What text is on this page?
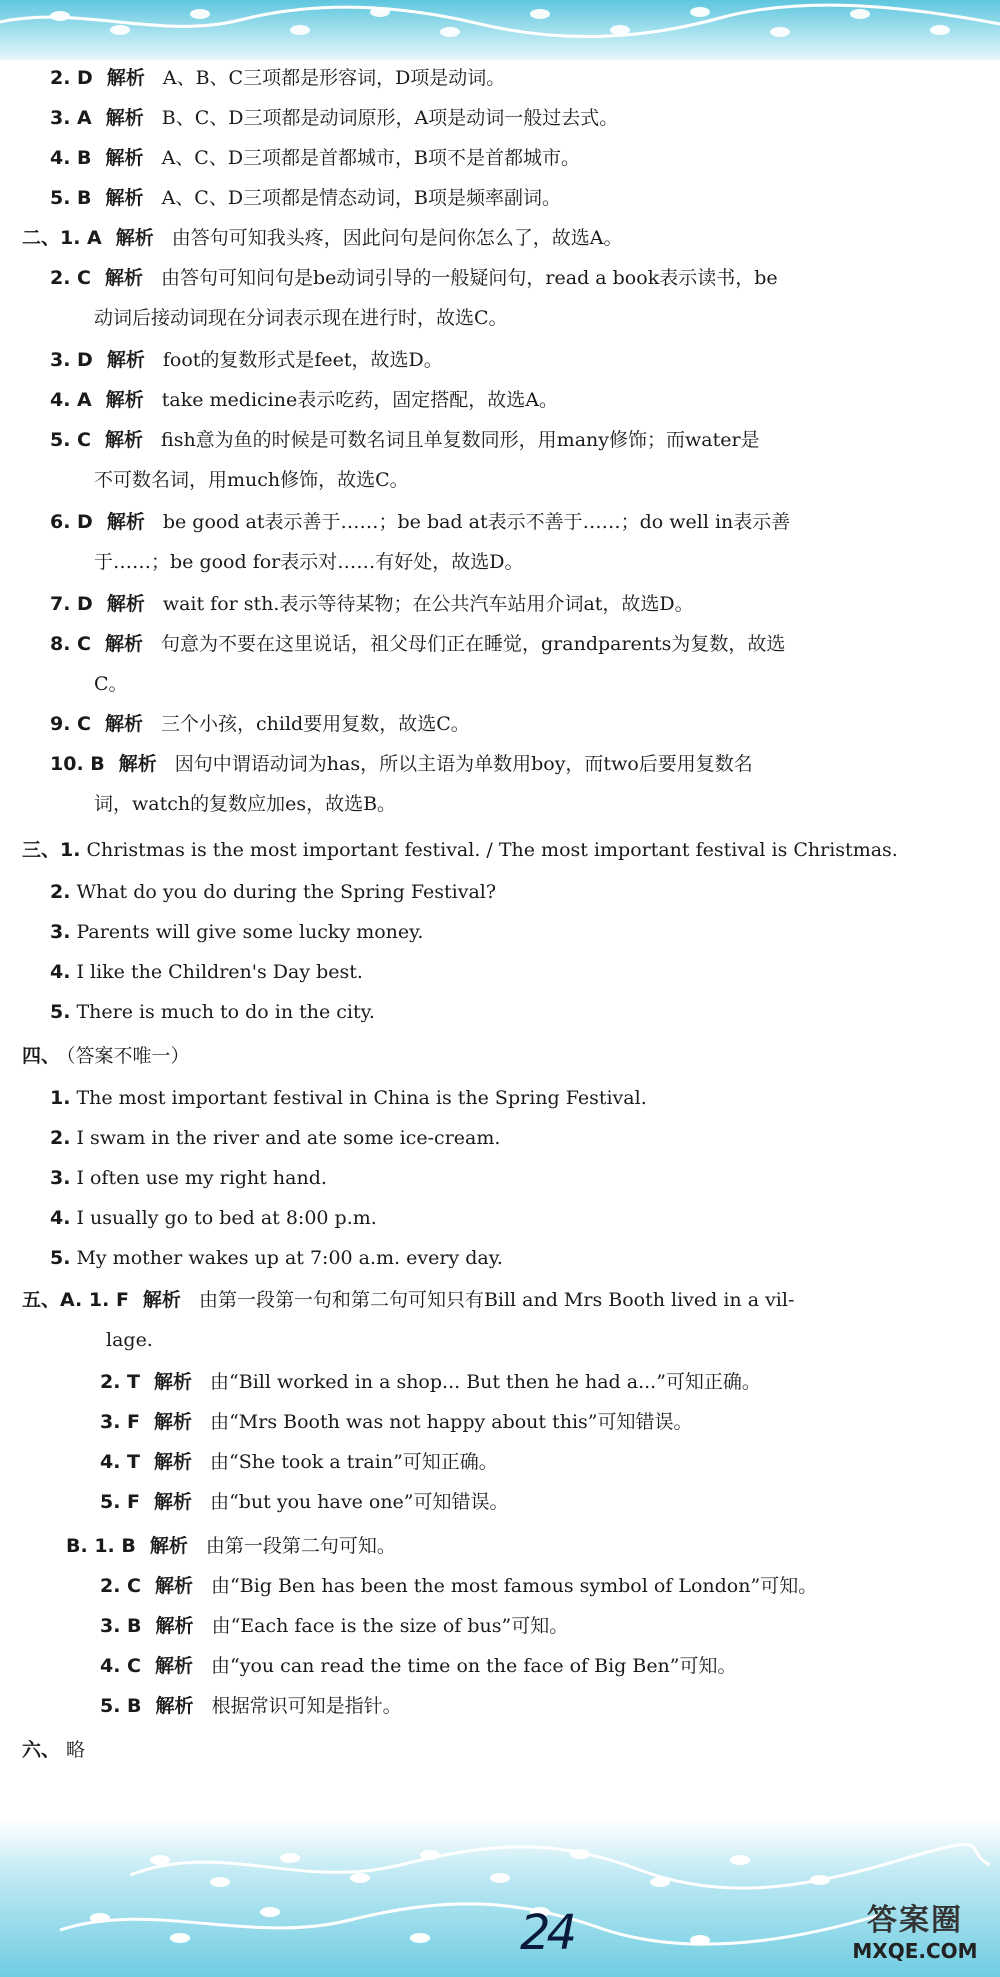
2. D 解析 A、B、C三项都是形容词，D项是动词。
3. A 解析 B、C、D三项都是动词原形，A项是动词一般过去式。
4. B 解析 A、C、D三项都是首都城市，B项不是首都城市。
5. B 解析 A、C、D三项都是情态动词，B项是频率副词。
二、1. A 解析 由答句可知我头疼，因此问句是问你怎么了，故选A。
2. C 解析 由答句可知问句是be动词引导的一般疑问句，read a book表示读书，be
动词后接动词现在分词表示现在进行时，故选C。
3. D 解析 foot的复数形式是feet，故选D。
4. A 解析 take medicine表示吃药，固定搭配，故选A。
5. C 解析 fish意为鱼的时候是可数名词且单复数同形，用many修饰；而water是
不可数名词，用much修饰，故选C。
6. D 解析 be good at表示善于……；be bad at表示不善于……；do well in表示善
于……；be good for表示对……有好处，故选D。
7. D 解析 wait for sth.表示等待某物；在公共汽车站用介词at，故选D。
8. C 解析 句意为不要在这里说话，祖父母们正在睡觉，grandparents为复数，故选
C。
9. C 解析 三个小孩，child要用复数，故选C。
10. B 解析 因句中谓语动词为has，所以主语为单数用boy，而two后要用复数名
词，watch的复数应加es，故选B。
三、1. Christmas is the most important festival. / The most important festival is Christmas.
2. What do you do during the Spring Festival?
3. Parents will give some lucky money.
4. I like the Children's Day best.
5. There is much to do in the city.
四、 （答案不唯一）
1. The most important festival in China is the Spring Festival.
2. I swam in the river and ate some ice-cream.
3. I often use my right hand.
4. I usually go to bed at 8:00 p.m.
5. My mother wakes up at 7:00 a.m. every day.
五、A. 1. F 解析 由第一段第一句和第二句可知只有Bill and Mrs Booth lived in a vil-
lage.
2. T 解析 由“Bill worked in a shop... But then he had a...”可知正确。
3. F 解析 由“Mrs Booth was not happy about this”可知错误。
4. T 解析 由“She took a train”可知正确。
5. F 解析 由“but you have one”可知错误。
B. 1. B 解析 由第一段第二句可知。
2. C 解析 由“Big Ben has been the most famous symbol of London”可知。
3. B 解析 由“Each face is the size of bus”可知。
4. C 解析 由“you can read the time on the face of Big Ben”可知。
5. B 解析 根据常识可知是指针。
六、 略
24	答案圈
MXQE.COM
